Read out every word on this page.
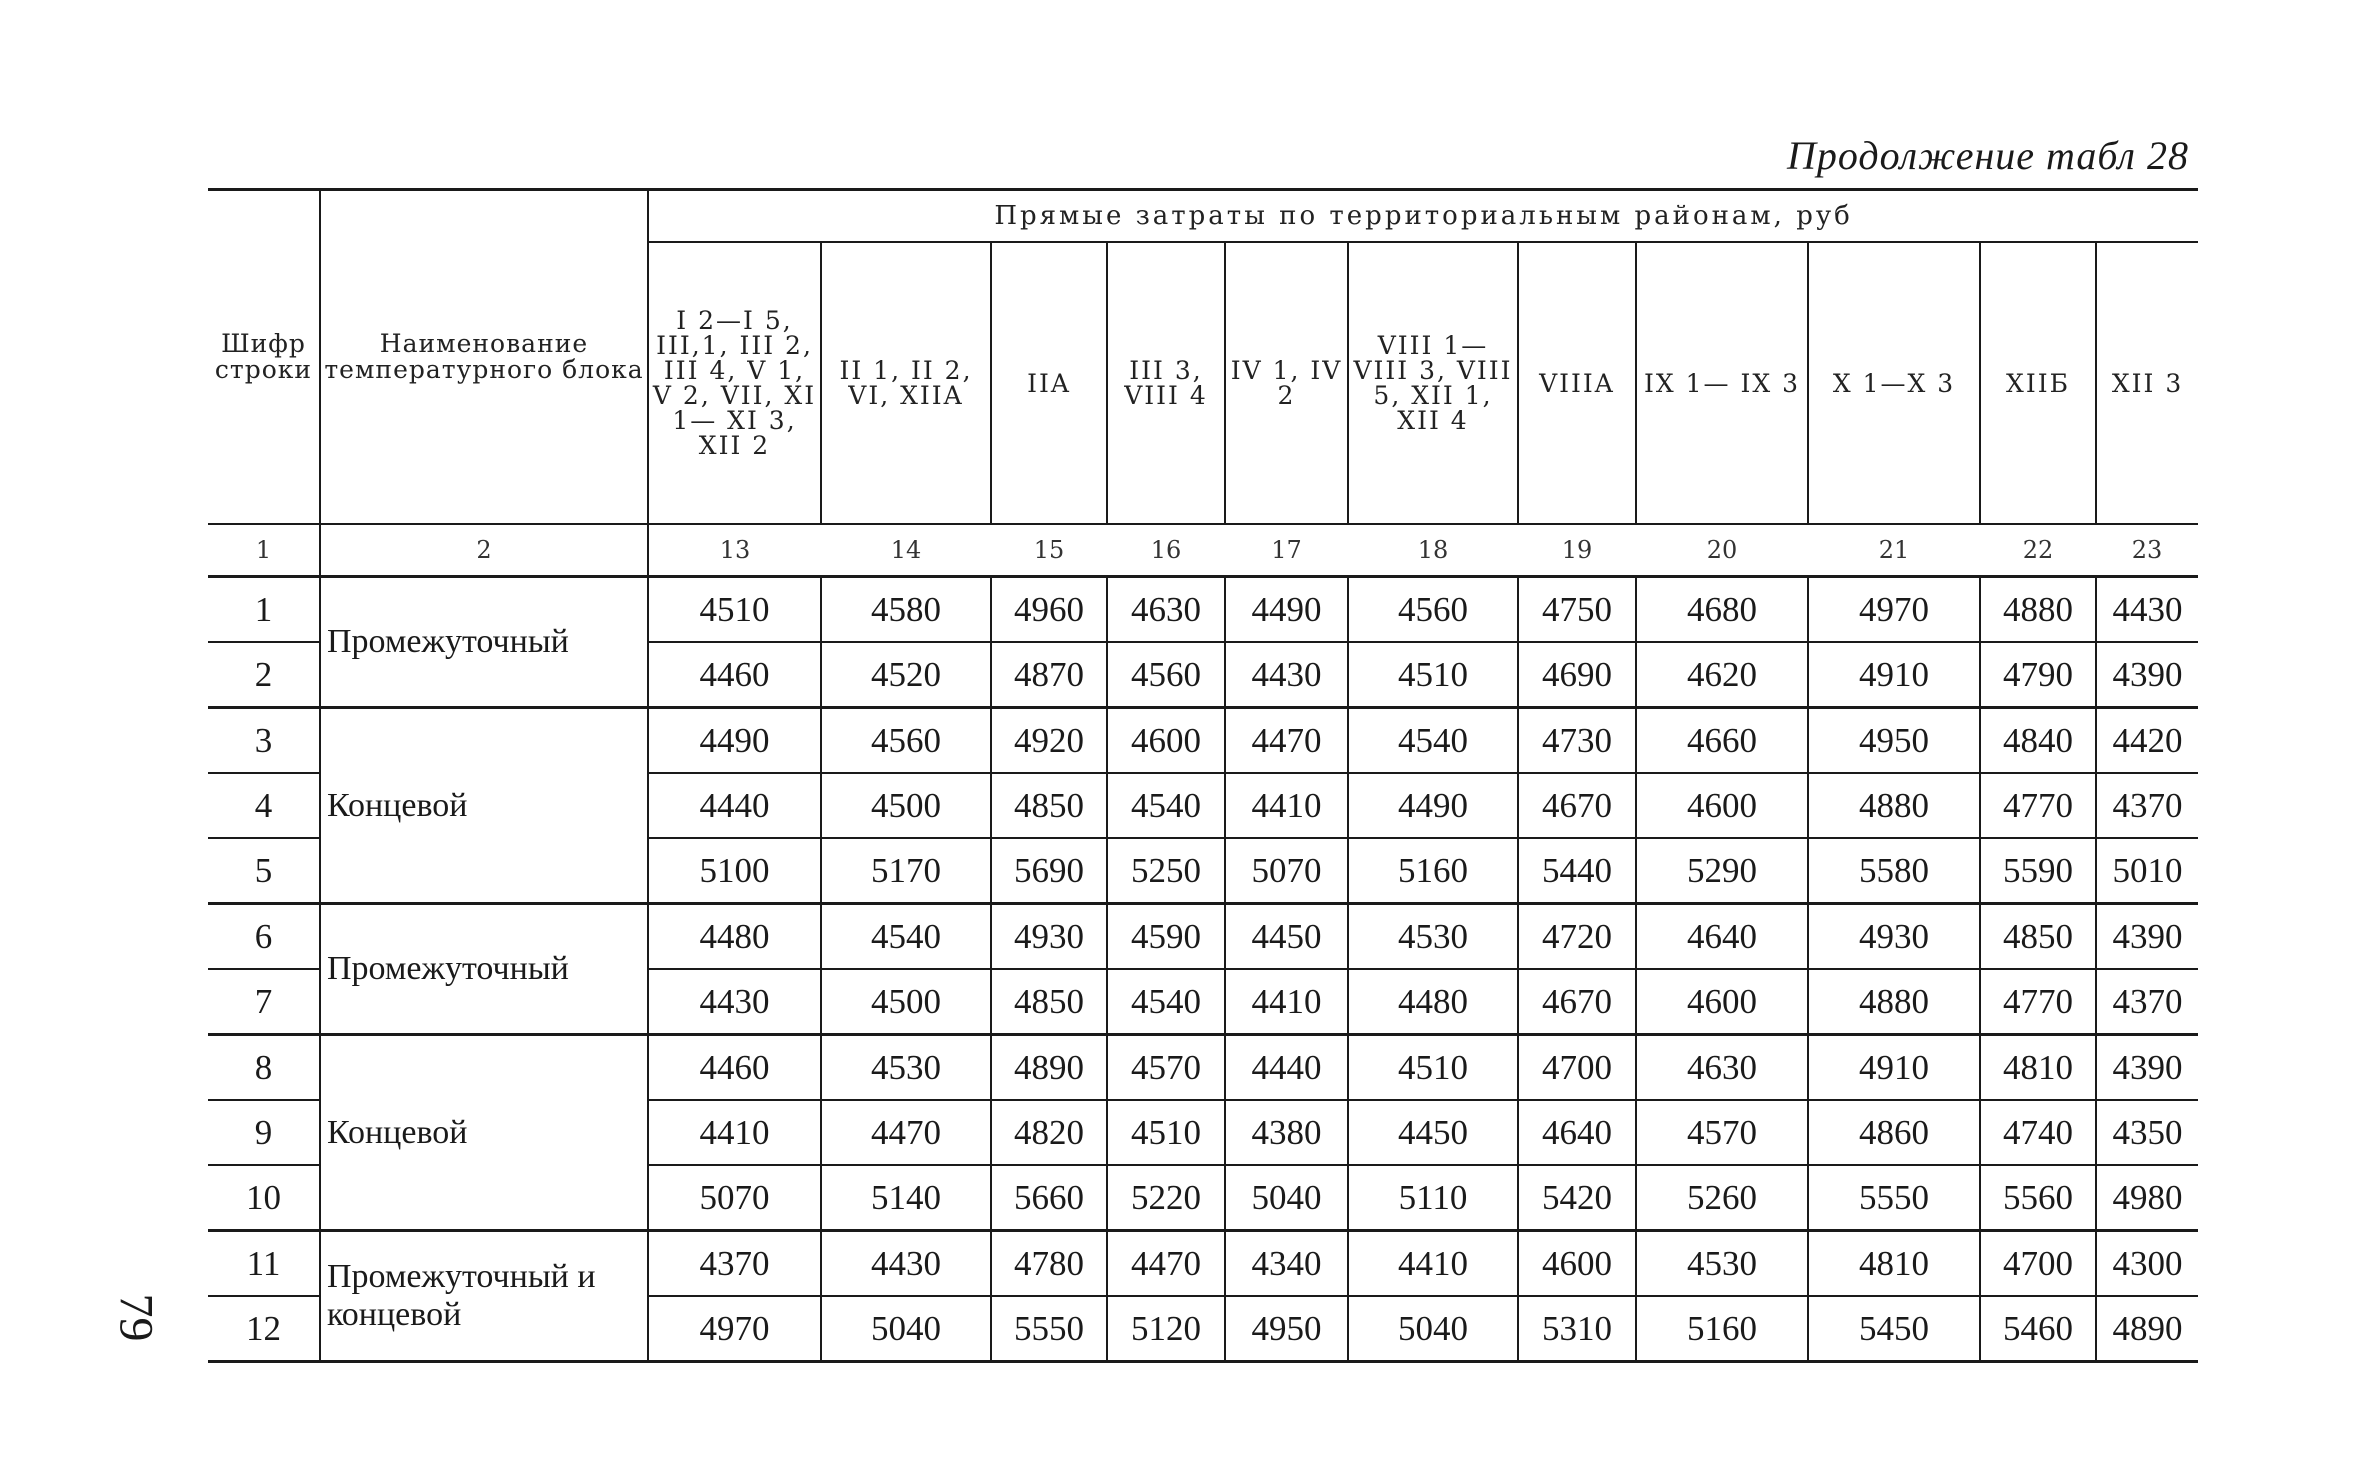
Продолжение табл 28
Шифр строки	Наименование температурного блока	Прямые затраты по территориальным районам, руб										
		I 2—I 5, III,1, III 2, III 4, V 1, V 2, VII, XI 1— XI 3, XII 2	II 1, II 2, VI, XIIA	IIA	III 3, VIII 4	IV 1, IV 2	VIII 1— VIII 3, VIII 5, XII 1, XII 4	VIIIA	IX 1— IX 3	X 1—X 3	XIIБ	XII 3
1	2	13	14	15	16	17	18	19	20	21	22	23
1	Промежуточный	4510	4580	4960	4630	4490	4560	4750	4680	4970	4880	4430
2		4460	4520	4870	4560	4430	4510	4690	4620	4910	4790	4390
3	Концевой	4490	4560	4920	4600	4470	4540	4730	4660	4950	4840	4420
4		4440	4500	4850	4540	4410	4490	4670	4600	4880	4770	4370
5		5100	5170	5690	5250	5070	5160	5440	5290	5580	5590	5010
6	Промежуточный	4480	4540	4930	4590	4450	4530	4720	4640	4930	4850	4390
7		4430	4500	4850	4540	4410	4480	4670	4600	4880	4770	4370
8	Концевой	4460	4530	4890	4570	4440	4510	4700	4630	4910	4810	4390
9		4410	4470	4820	4510	4380	4450	4640	4570	4860	4740	4350
10		5070	5140	5660	5220	5040	5110	5420	5260	5550	5560	4980
11	Промежуточный и концевой	4370	4430	4780	4470	4340	4410	4600	4530	4810	4700	4300
12		4970	5040	5550	5120	4950	5040	5310	5160	5450	5460	4890
79
